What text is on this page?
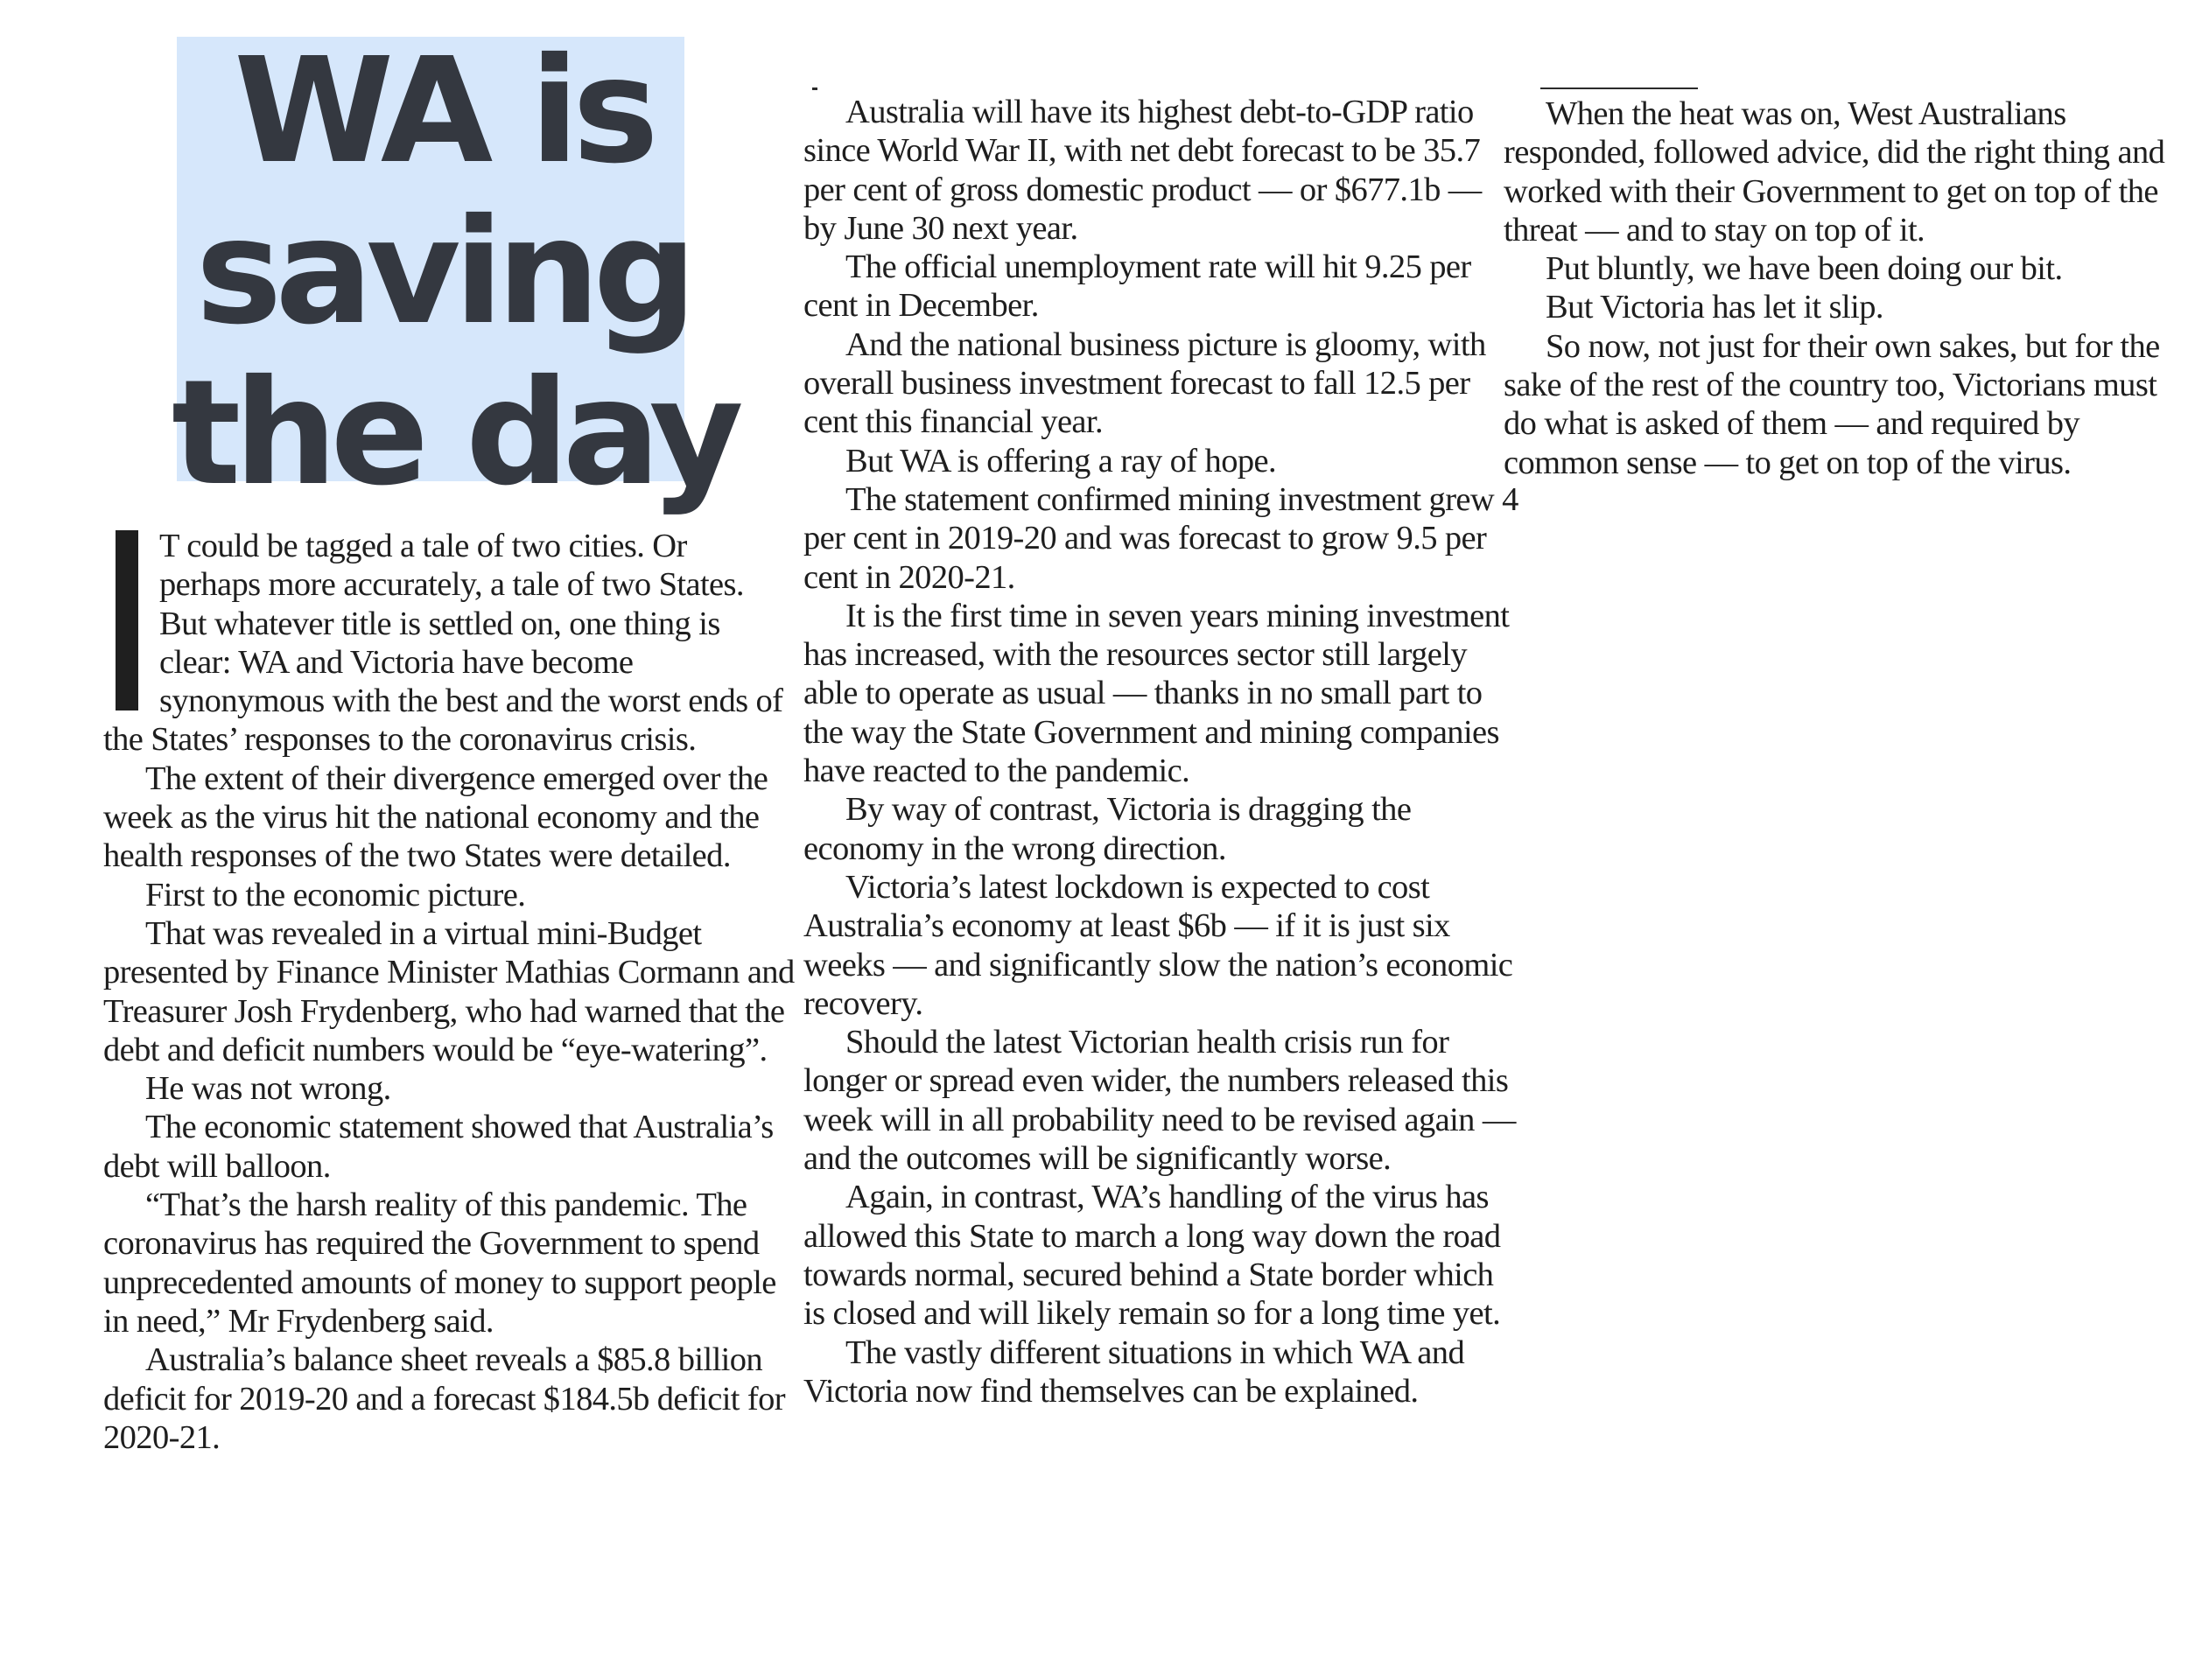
WA is
saving
the day

T could be tagged a tale of two cities. Or perhaps more accurately, a tale of two States. But whatever title is settled on, one thing is clear: WA and Victoria have become synonymous with the best and the worst ends of the States’ responses to the coronavirus crisis.

The extent of their divergence emerged over the week as the virus hit the national economy and the health responses of the two States were detailed.

First to the economic picture.

That was revealed in a virtual mini-Budget presented by Finance Minister Mathias Cormann and Treasurer Josh Frydenberg, who had warned that the debt and deficit numbers would be “eye-watering”.

He was not wrong.

The economic statement showed that Australia’s debt will balloon.

“That’s the harsh reality of this pandemic. The coronavirus has required the Government to spend unprecedented amounts of money to support people in need,” Mr Frydenberg said.

Australia’s balance sheet reveals a $85.8 billion deficit for 2019-20 and a forecast $184.5b deficit for 2020-21.

Australia will have its highest debt-to-GDP ratio since World War II, with net debt forecast to be 35.7 per cent of gross domestic product — or $677.1b — by June 30 next year.

The official unemployment rate will hit 9.25 per cent in December.

And the national business picture is gloomy, with overall business investment forecast to fall 12.5 per cent this financial year.

But WA is offering a ray of hope.

The statement confirmed mining investment grew 4 per cent in 2019-20 and was forecast to grow 9.5 per cent in 2020-21.

It is the first time in seven years mining investment has increased, with the resources sector still largely able to operate as usual — thanks in no small part to the way the State Government and mining companies have reacted to the pandemic.

By way of contrast, Victoria is dragging the economy in the wrong direction.

Victoria’s latest lockdown is expected to cost Australia’s economy at least $6b — if it is just six weeks — and significantly slow the nation’s economic recovery.

Should the latest Victorian health crisis run for longer or spread even wider, the numbers released this week will in all probability need to be revised again — and the outcomes will be significantly worse.

Again, in contrast, WA’s handling of the virus has allowed this State to march a long way down the road towards normal, secured behind a State border which is closed and will likely remain so for a long time yet.

The vastly different situations in which WA and Victoria now find themselves can be explained.

When the heat was on, West Australians responded, followed advice, did the right thing and worked with their Government to get on top of the threat — and to stay on top of it.

Put bluntly, we have been doing our bit.

But Victoria has let it slip.

So now, not just for their own sakes, but for the sake of the rest of the country too, Victorians must do what is asked of them — and required by common sense — to get on top of the virus.
